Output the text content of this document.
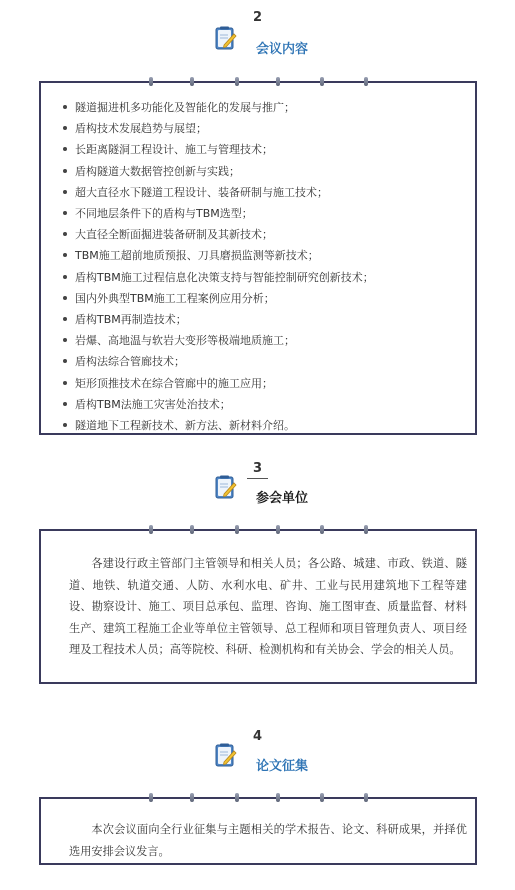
2
会议内容
隧道掘进机多功能化及智能化的发展与推广；
盾构技术发展趋势与展望；
长距离隧洞工程设计、施工与管理技术；
盾构隧道大数据管控创新与实践；
超大直径水下隧道工程设计、装备研制与施工技术；
不同地层条件下的盾构与TBM选型；
大直径全断面掘进装备研制及其新技术；
TBM施工超前地质预报、刀具磨损监测等新技术；
盾构TBM施工过程信息化决策支持与智能控制研究创新技术；
国内外典型TBM施工工程案例应用分析；
盾构TBM再制造技术；
岩爆、高地温与软岩大变形等极端地质施工；
盾构法综合管廊技术；
矩形顶推技术在综合管廊中的施工应用；
盾构TBM法施工灾害处治技术；
隧道地下工程新技术、新方法、新材料介绍。
3
参会单位

各建设行政主管部门主管领导和相关人员；各公路、城建、市政、铁道、隧道、地铁、轨道交通、人防、水利水电、矿井、工业与民用建筑地下工程等建设、勘察设计、施工、项目总承包、监理、咨询、施工图审查、质量监督、材料生产、建筑工程施工企业等单位主管领导、总工程师和项目管理负责人、项目经理及工程技术人员；高等院校、科研、检测机构和有关协会、学会的相关人员。

4
论文征集

本次会议面向全行业征集与主题相关的学术报告、论文、科研成果，并择优选用安排会议发言。
